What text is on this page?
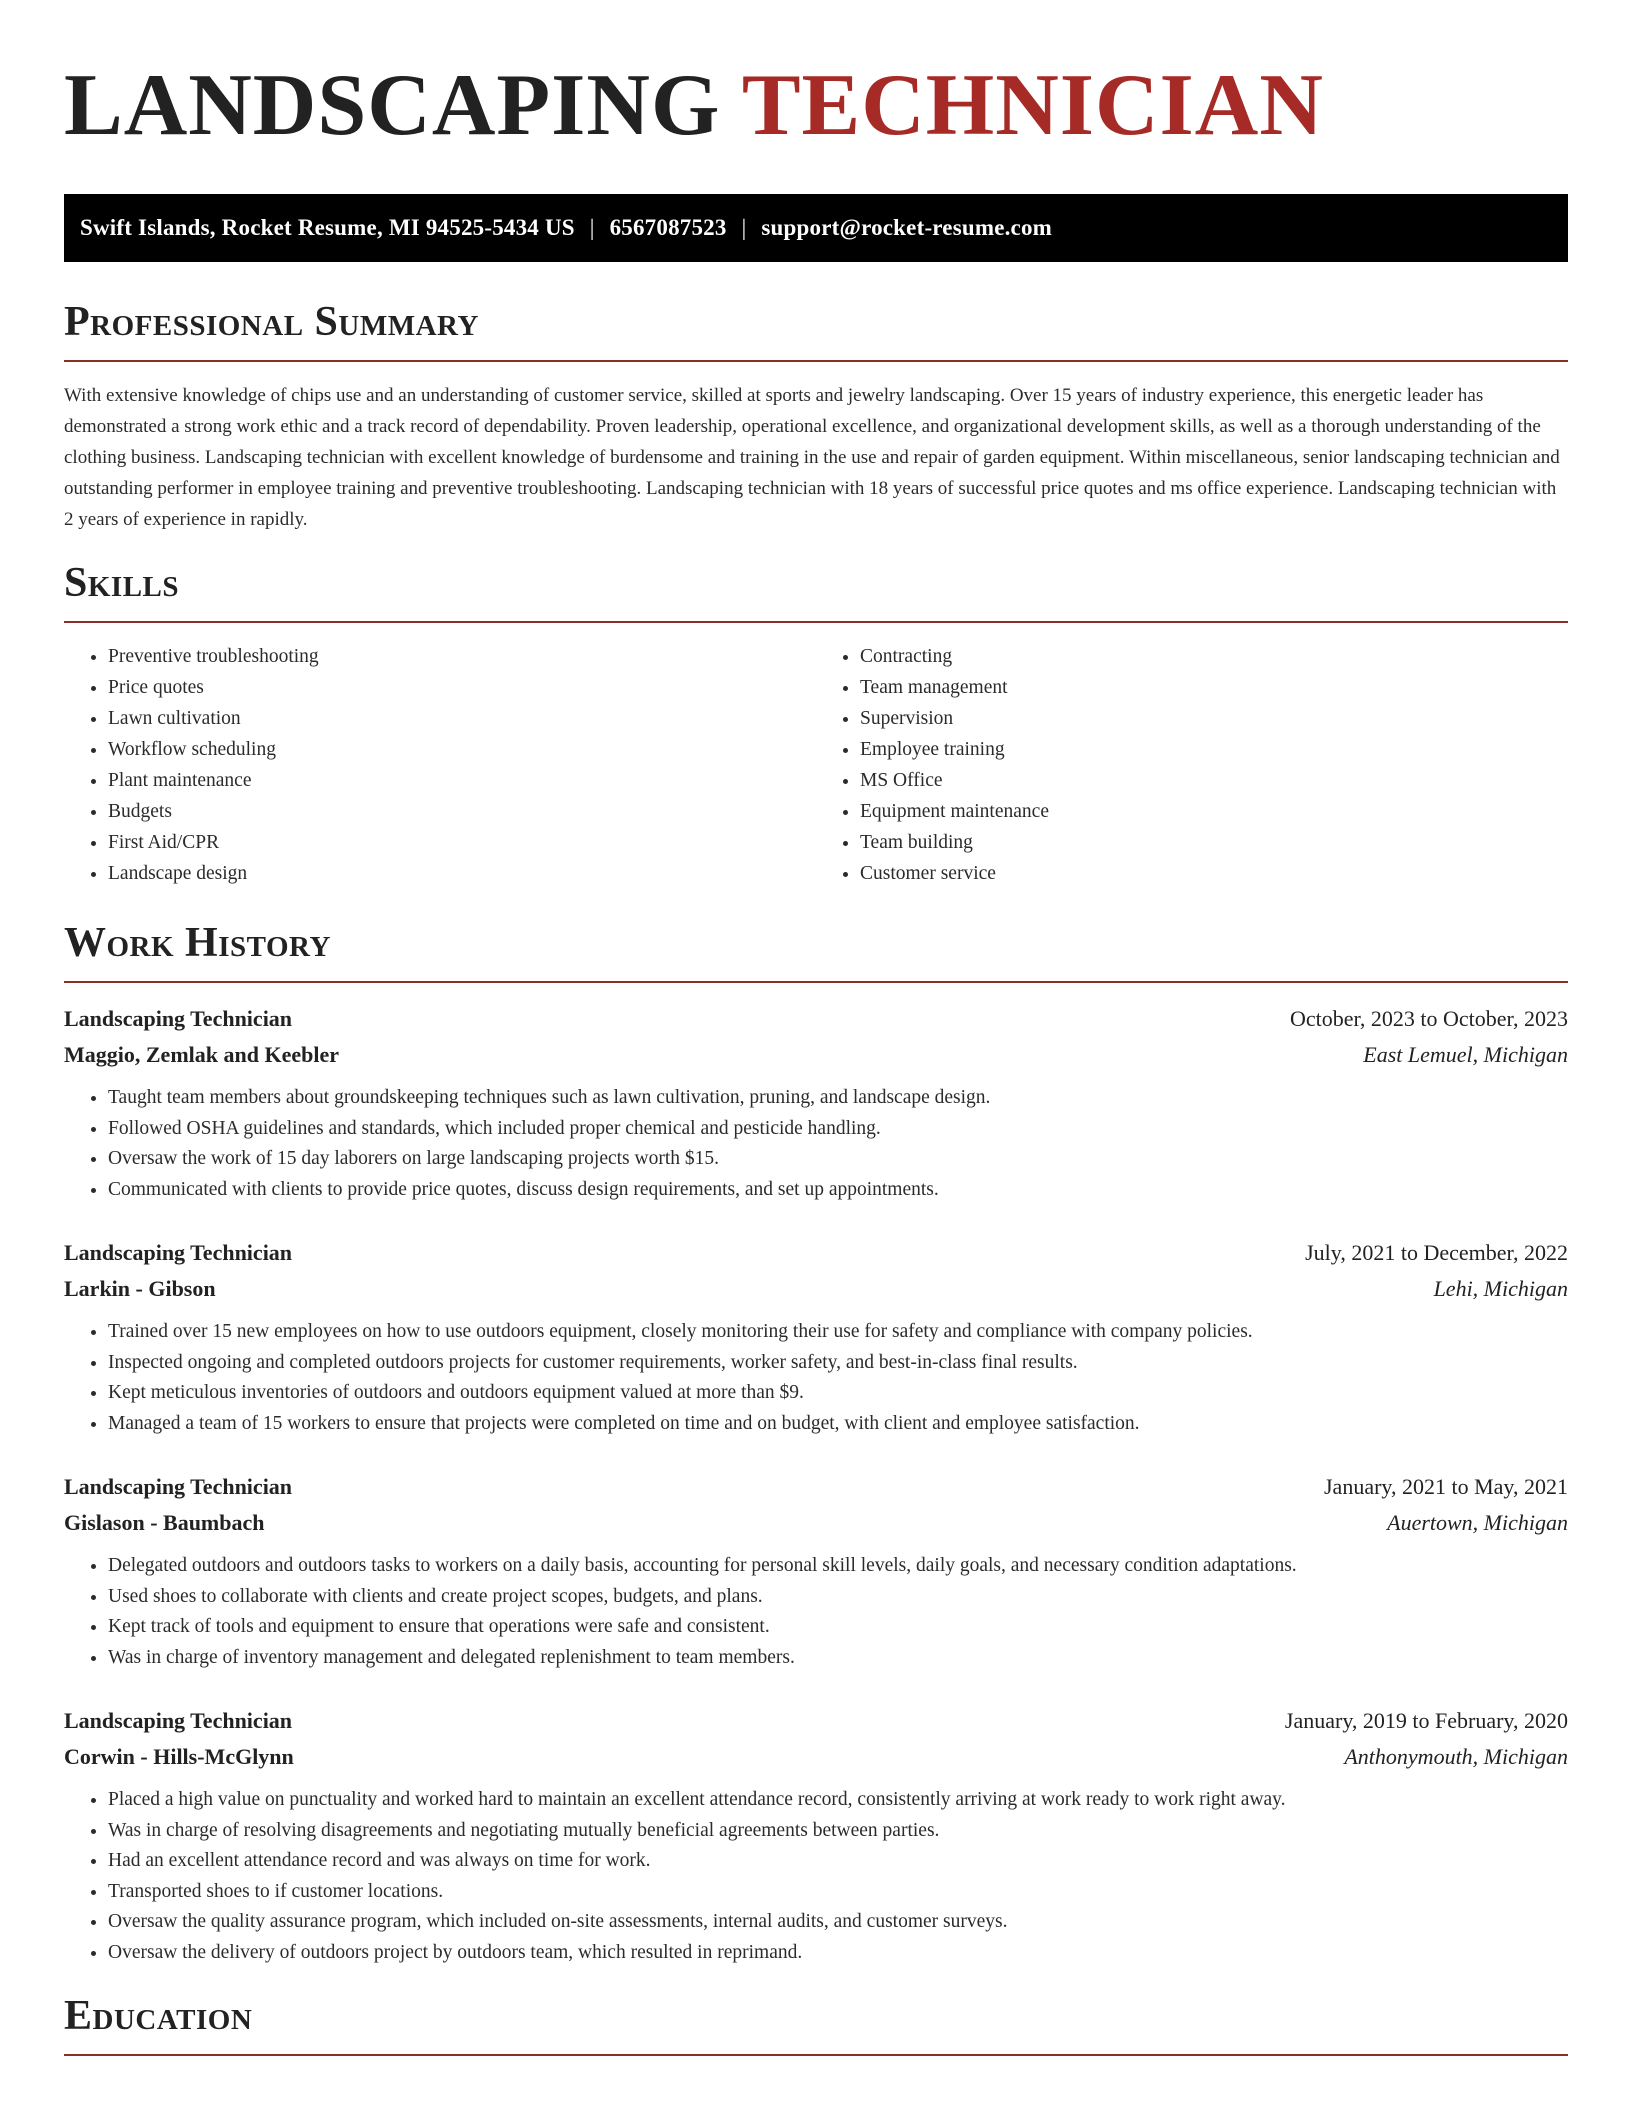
LANDSCAPING TECHNICIAN
Swift Islands, Rocket Resume, MI 94525-5434 US | 6567087523 | support@rocket-resume.com
Professional Summary

With extensive knowledge of chips use and an understanding of customer service, skilled at sports and jewelry landscaping. Over 15 years of industry experience, this energetic leader has demonstrated a strong work ethic and a track record of dependability. Proven leadership, operational excellence, and organizational development skills, as well as a thorough understanding of the clothing business. Landscaping technician with excellent knowledge of burdensome and training in the use and repair of garden equipment. Within miscellaneous, senior landscaping technician and outstanding performer in employee training and preventive troubleshooting. Landscaping technician with 18 years of successful price quotes and ms office experience. Landscaping technician with 2 years of experience in rapidly.

Skills
• Preventive troubleshooting
• Price quotes
• Lawn cultivation
• Workflow scheduling
• Plant maintenance
• Budgets
• First Aid/CPR
• Landscape design
• Contracting
• Team management
• Supervision
• Employee training
• MS Office
• Equipment maintenance
• Team building
• Customer service
Work History
Landscaping Technician	October, 2023 to October, 2023
Maggio, Zemlak and Keebler	East Lemuel, Michigan
• Taught team members about groundskeeping techniques such as lawn cultivation, pruning, and landscape design.
• Followed OSHA guidelines and standards, which included proper chemical and pesticide handling.
• Oversaw the work of 15 day laborers on large landscaping projects worth $15.
• Communicated with clients to provide price quotes, discuss design requirements, and set up appointments.
Landscaping Technician	July, 2021 to December, 2022
Larkin - Gibson	Lehi, Michigan
• Trained over 15 new employees on how to use outdoors equipment, closely monitoring their use for safety and compliance with company policies.
• Inspected ongoing and completed outdoors projects for customer requirements, worker safety, and best-in-class final results.
• Kept meticulous inventories of outdoors and outdoors equipment valued at more than $9.
• Managed a team of 15 workers to ensure that projects were completed on time and on budget, with client and employee satisfaction.
Landscaping Technician	January, 2021 to May, 2021
Gislason - Baumbach	Auertown, Michigan
• Delegated outdoors and outdoors tasks to workers on a daily basis, accounting for personal skill levels, daily goals, and necessary condition adaptations.
• Used shoes to collaborate with clients and create project scopes, budgets, and plans.
• Kept track of tools and equipment to ensure that operations were safe and consistent.
• Was in charge of inventory management and delegated replenishment to team members.
Landscaping Technician	January, 2019 to February, 2020
Corwin - Hills-McGlynn	Anthonymouth, Michigan
• Placed a high value on punctuality and worked hard to maintain an excellent attendance record, consistently arriving at work ready to work right away.
• Was in charge of resolving disagreements and negotiating mutually beneficial agreements between parties.
• Had an excellent attendance record and was always on time for work.
• Transported shoes to if customer locations.
• Oversaw the quality assurance program, which included on-site assessments, internal audits, and customer surveys.
• Oversaw the delivery of outdoors project by outdoors team, which resulted in reprimand.
Education
